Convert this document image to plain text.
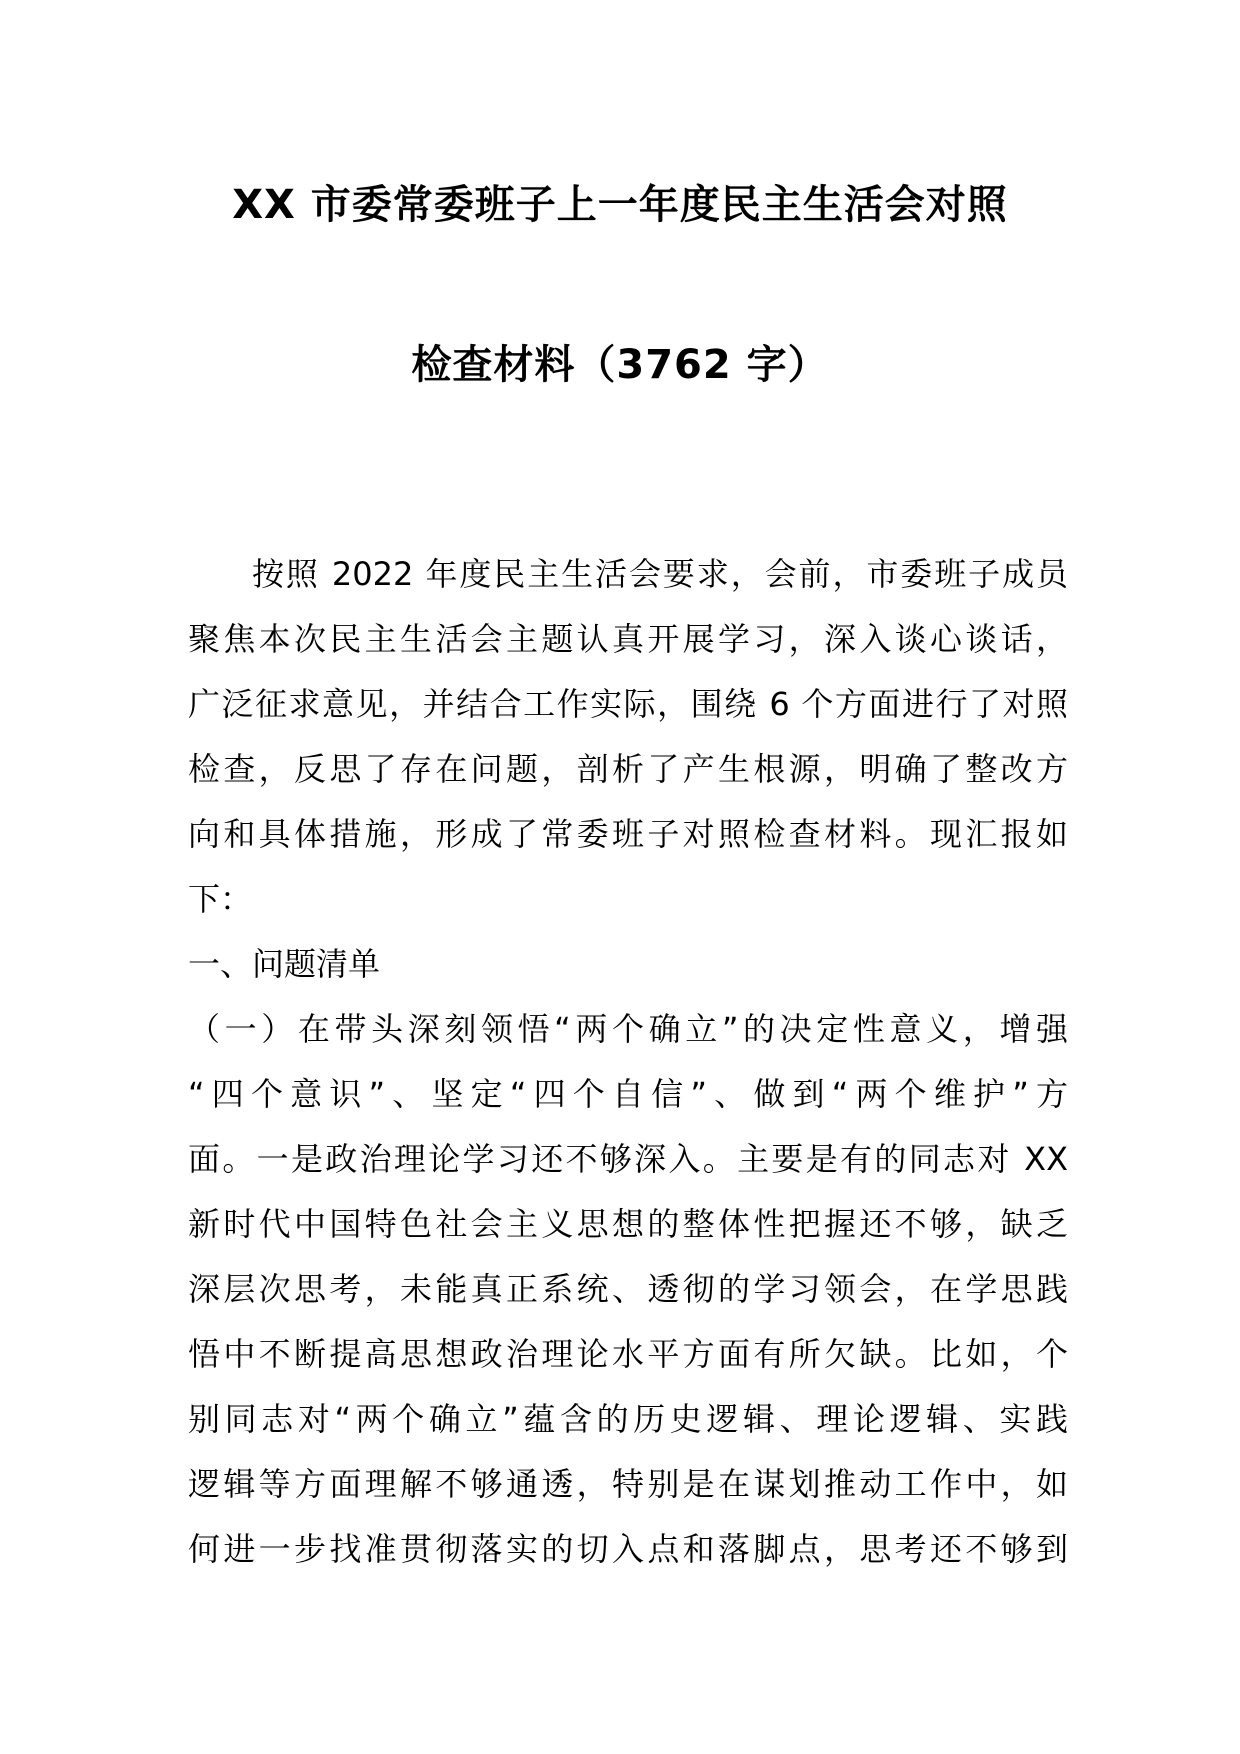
XX 市委常委班子上一年度民主生活会对照
检查材料（3762 字）
按照 2022 年度民主生活会要求，会前，市委班子成员
聚焦本次民主生活会主题认真开展学习，深入谈心谈话，
广泛征求意见，并结合工作实际，围绕 6 个方面进行了对照
检查，反思了存在问题，剖析了产生根源，明确了整改方
向和具体措施，形成了常委班子对照检查材料。现汇报如
下：
一、问题清单
（一）在带头深刻领悟“两个确立”的决定性意义，增强
“四个意识”、坚定“四个自信”、做到“两个维护”方
面。一是政治理论学习还不够深入。主要是有的同志对 XX
新时代中国特色社会主义思想的整体性把握还不够，缺乏
深层次思考，未能真正系统、透彻的学习领会，在学思践
悟中不断提高思想政治理论水平方面有所欠缺。比如，个
别同志对“两个确立”蕴含的历史逻辑、理论逻辑、实践
逻辑等方面理解不够通透，特别是在谋划推动工作中，如
何进一步找准贯彻落实的切入点和落脚点，思考还不够到
